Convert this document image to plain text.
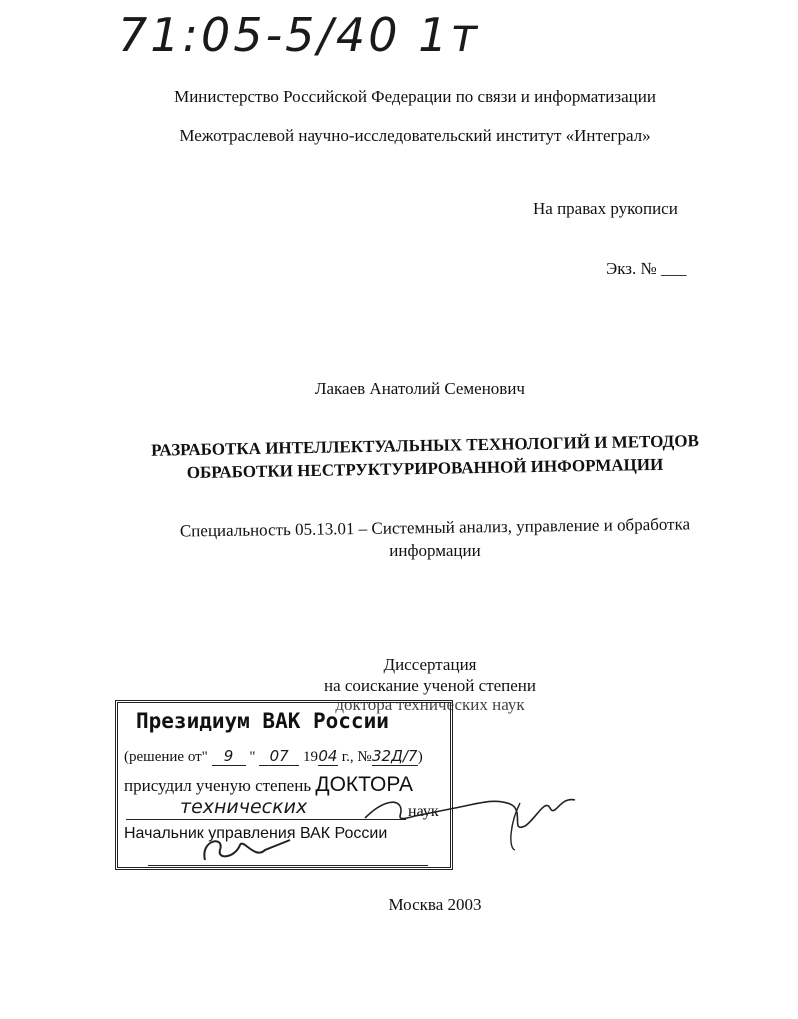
71:05-5/40 1т
Министерство Российской Федерации по связи и информатизации
Межотраслевой научно-исследовательский институт «Интеграл»
На правах рукописи
Экз. № ___
Лакаев Анатолий Семенович
РАЗРАБОТКА ИНТЕЛЛЕКТУАЛЬНЫХ ТЕХНОЛОГИЙ И МЕТОДОВ
ОБРАБОТКИ НЕСТРУКТУРИРОВАННОЙ ИНФОРМАЦИИ
Специальность 05.13.01 – Системный анализ, управление и обработка
информации
Диссертация
на соискание ученой степени
доктора технических наук
Президиум ВАК России
(решение от" 9 " 07 1904 г., №32Д/7)
присудил ученую степень ДОКТОРА
технических	наук
Начальник управления ВАК России
Москва 2003
